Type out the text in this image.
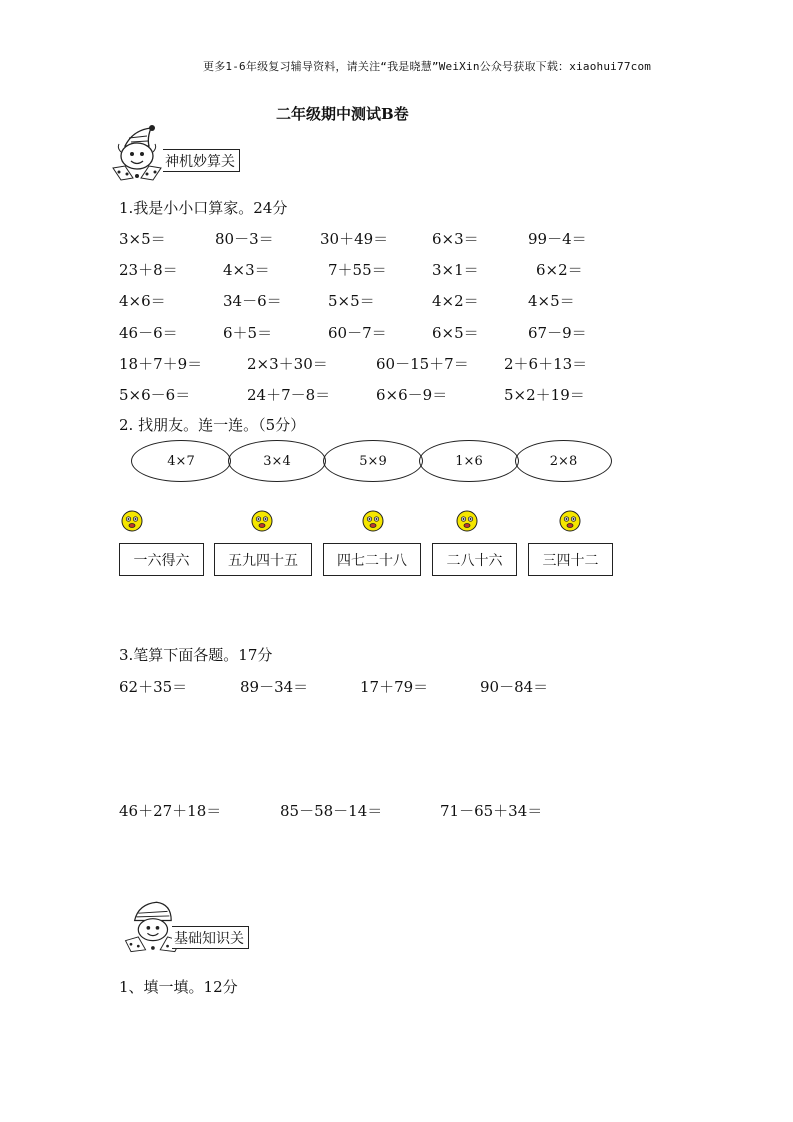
更多1-6年级复习辅导资料，请关注“我是晓慧”WeiXin公众号获取下载：xiaohui77com
二年级期中测试B卷
神机妙算关
1.我是小小口算家。24分
3×5＝	80－3＝	30＋49＝	6×3＝	99－4＝
23＋8＝	4×3＝	7＋55＝	3×1＝	6×2＝
4×6＝	34－6＝	5×5＝	4×2＝	4×5＝
46－6＝	6＋5＝	60－7＝	6×5＝	67－9＝
18＋7＋9＝	2×3＋30＝	60－15＋7＝ 2＋6＋13＝
5×6－6＝	24＋7－8＝	6×6－9＝	5×2＋19＝
2. 找朋友。连一连。（5分）
4×7	3×4	5×9	1×6	2×8
一六得六	五九四十五	四七二十八	二八十六	三四十二
3.笔算下面各题。17分
62＋35＝	89－34＝	17＋79＝	90－84＝
46＋27＋18＝	85－58－14＝	71－65＋34＝
基础知识关
1、填一填。12分
